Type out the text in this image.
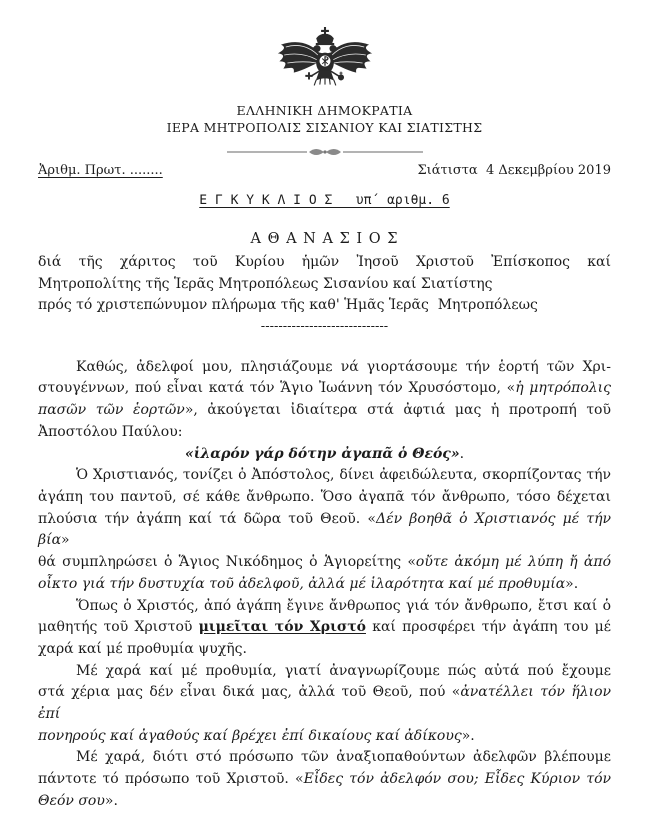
ΕΛΛΗΝΙΚΗ ΔΗΜΟΚΡΑΤΙΑ
ΙΕΡΑ ΜΗΤΡΟΠΟΛΙΣ ΣΙΣΑΝΙΟΥ ΚΑΙ ΣΙΑΤΙΣΤΗΣ
Ἀριθμ. Πρωτ. ........	Σιάτιστα  4 Δεκεμβρίου 2019
Ε Γ Κ Υ Κ Λ Ι Ο Σ   υπ΄ αριθμ. 6
Α Θ Α Ν Α Σ Ι Ο Σ
διά τῆς χάριτος τοῦ Κυρίου ἡμῶν Ἰησοῦ Χριστοῦ Ἐπίσκοπος καί
Μητροπολίτης τῆς Ἱερᾶς Μητροπόλεως Σισανίου καί Σιατίστης
πρός τό χριστεπώνυμον πλήρωμα τῆς καθ' Ἡμᾶς Ἱερᾶς  Μητροπόλεως
-----------------------------
Καθώς, ἀδελφοί μου, πλησιάζουμε νά γιορτάσουμε τήν ἑορτή τῶν Χρι-
στουγέννων, πού εἶναι κατά τόν Ἅγιο Ἰωάννη τόν Χρυσόστομο, «ἡ μητρόπολις
πασῶν τῶν ἑορτῶν», ἀκούγεται ἰδιαίτερα στά ἀφτιά μας ἡ προτροπή τοῦ
Ἀποστόλου Παύλου:
«ἱλαρόν γάρ δότην ἀγαπᾶ ὁ Θεός».
Ὁ Χριστιανός, τονίζει ὁ Ἀπόστολος, δίνει ἀφειδώλευτα, σκορπίζοντας τήν
ἀγάπη του παντοῦ, σέ κάθε ἄνθρωπο. Ὅσο ἀγαπᾶ τόν ἄνθρωπο, τόσο δέχεται
πλούσια τήν ἀγάπη καί τά δῶρα τοῦ Θεοῦ. «Δέν βοηθᾶ ὁ Χριστιανός μέ τήν βία»
θά συμπληρώσει ὁ Ἅγιος Νικόδημος ὁ Ἁγιορείτης «οὔτε ἀκόμη μέ λύπη ἤ ἀπό
οἶκτο γιά τήν δυστυχία τοῦ ἀδελφοῦ, ἀλλά μέ ἱλαρότητα καί μέ προθυμία».
Ὅπως ὁ Χριστός, ἀπό ἀγάπη ἔγινε ἄνθρωπος γιά τόν ἄνθρωπο, ἔτσι καί ὁ
μαθητής τοῦ Χριστοῦ μιμεῖται τόν Χριστό καί προσφέρει τήν ἀγάπη του μέ
χαρά καί μέ προθυμία ψυχῆς.
Μέ χαρά καί μέ προθυμία, γιατί ἀναγνωρίζουμε πώς αὐτά πού ἔχουμε
στά χέρια μας δέν εἶναι δικά μας, ἀλλά τοῦ Θεοῦ, πού «ἀνατέλλει τόν ἥλιον ἐπί
πονηρούς καί ἀγαθούς καί βρέχει ἐπί δικαίους καί ἀδίκους».
Μέ χαρά, διότι στό πρόσωπο τῶν ἀναξιοπαθούντων ἀδελφῶν βλέπουμε
πάντοτε τό πρόσωπο τοῦ Χριστοῦ. «Εἶδες τόν ἀδελφόν σου; Εἶδες Κύριον τόν
Θεόν σου».
